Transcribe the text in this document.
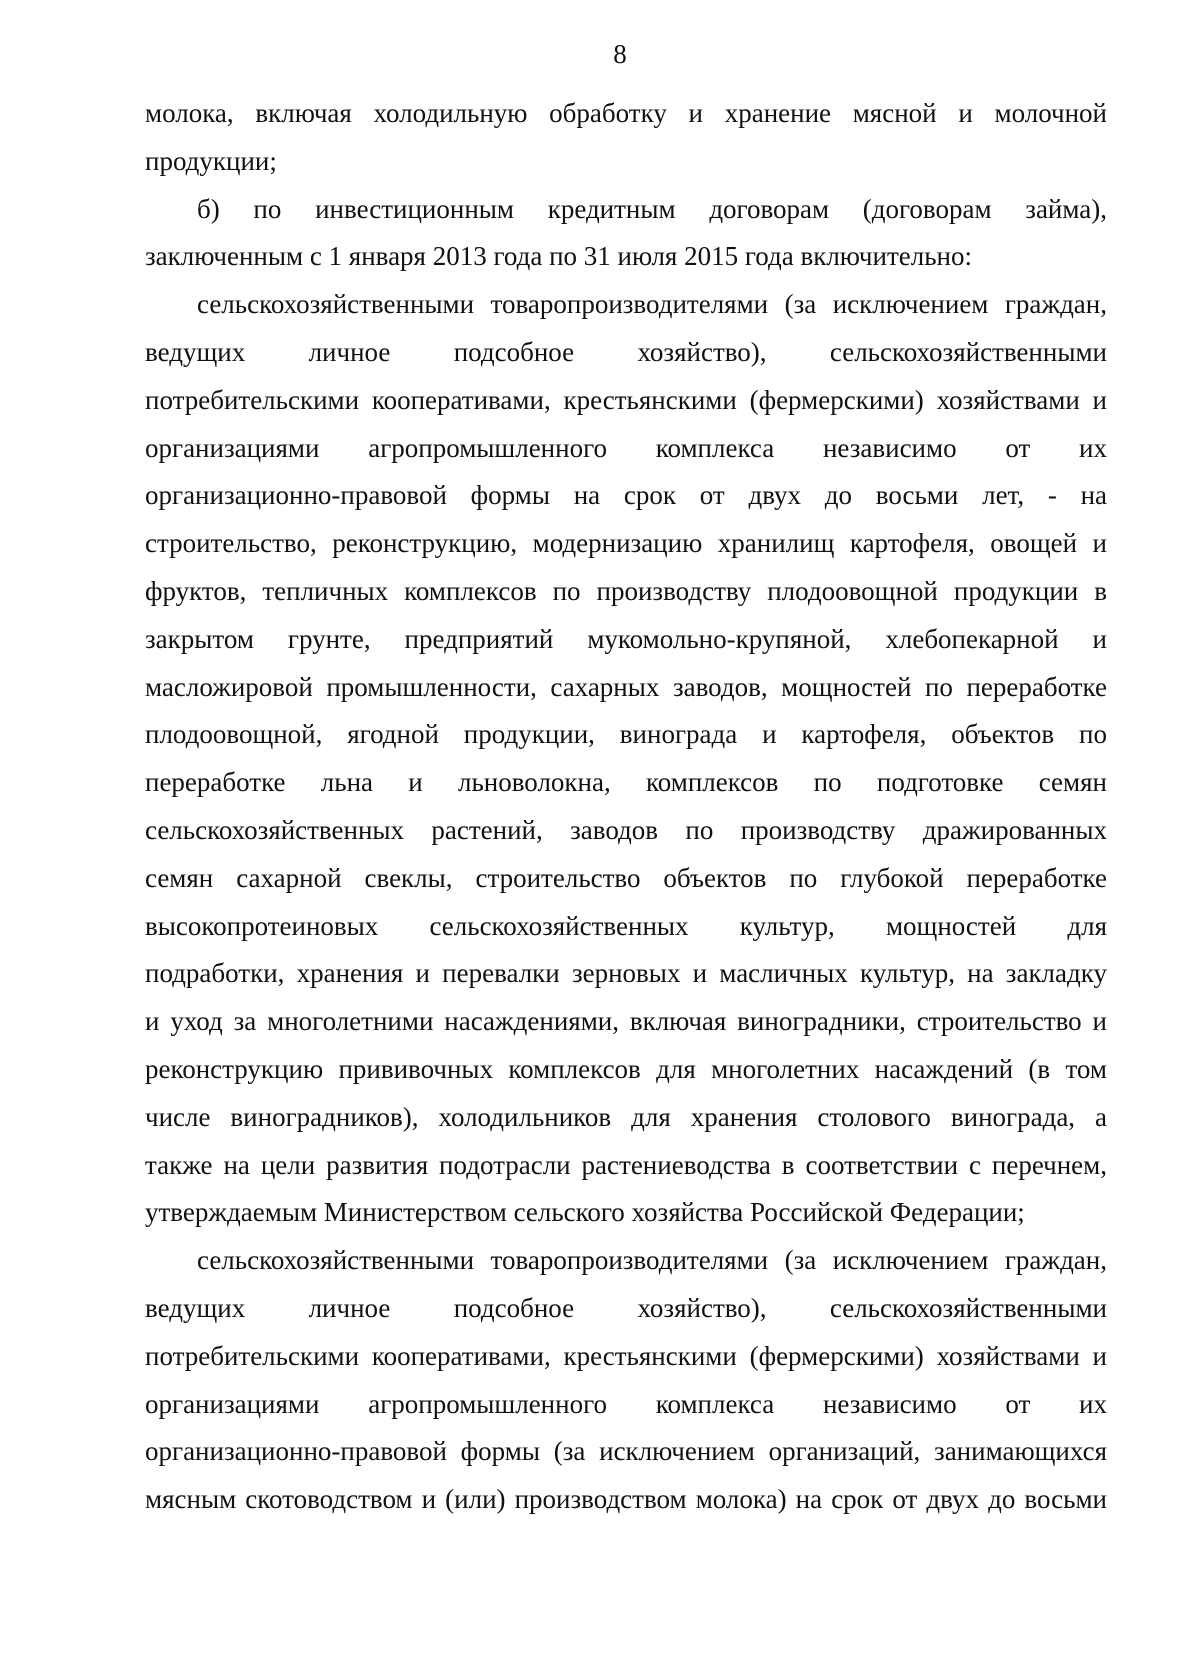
8
молока, включая холодильную обработку и хранение мясной и молочной
продукции;
б) по инвестиционным кредитным договорам (договорам займа),
заключенным с 1 января 2013 года по 31 июля 2015 года включительно:
сельскохозяйственными товаропроизводителями (за исключением граждан,
ведущих личное подсобное хозяйство), сельскохозяйственными
потребительскими кооперативами, крестьянскими (фермерскими) хозяйствами и
организациями агропромышленного комплекса независимо от их
организационно-правовой формы на срок от двух до восьми лет, - на
строительство, реконструкцию, модернизацию хранилищ картофеля, овощей и
фруктов, тепличных комплексов по производству плодоовощной продукции в
закрытом грунте, предприятий мукомольно-крупяной, хлебопекарной и
масложировой промышленности, сахарных заводов, мощностей по переработке
плодоовощной, ягодной продукции, винограда и картофеля, объектов по
переработке льна и льноволокна, комплексов по подготовке семян
сельскохозяйственных растений, заводов по производству дражированных
семян сахарной свеклы, строительство объектов по глубокой переработке
высокопротеиновых сельскохозяйственных культур, мощностей для
подработки, хранения и перевалки зерновых и масличных культур, на закладку
и уход за многолетними насаждениями, включая виноградники, строительство и
реконструкцию прививочных комплексов для многолетних насаждений (в том
числе виноградников), холодильников для хранения столового винограда, а
также на цели развития подотрасли растениеводства в соответствии с перечнем,
утверждаемым Министерством сельского хозяйства Российской Федерации;
сельскохозяйственными товаропроизводителями (за исключением граждан,
ведущих личное подсобное хозяйство), сельскохозяйственными
потребительскими кооперативами, крестьянскими (фермерскими) хозяйствами и
организациями агропромышленного комплекса независимо от их
организационно-правовой формы (за исключением организаций, занимающихся
мясным скотоводством и (или) производством молока) на срок от двух до восьми
